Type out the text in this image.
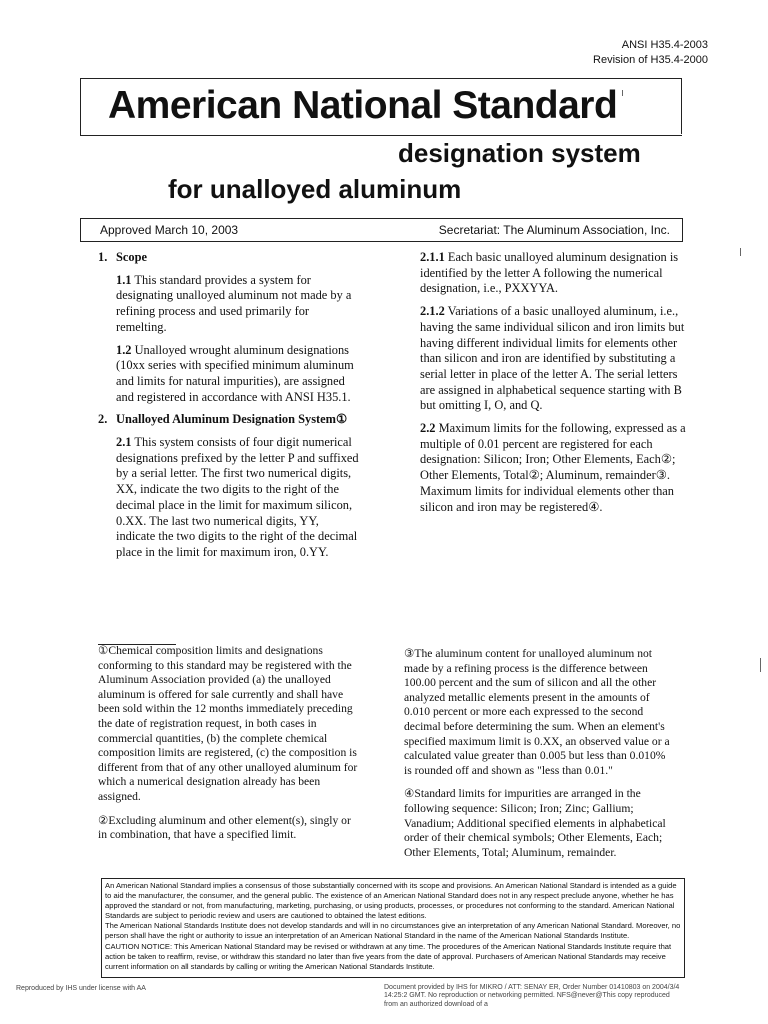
ANSI H35.4-2003
Revision of H35.4-2000
American National Standard
designation system
for unalloyed aluminum
Approved March 10, 2003	Secretariat: The Aluminum Association, Inc.
1. Scope

1.1 This standard provides a system for designating unalloyed aluminum not made by a refining process and used primarily for remelting.

1.2 Unalloyed wrought aluminum designations (10xx series with specified minimum aluminum and limits for natural impurities), are assigned and registered in accordance with ANSI H35.1.

2. Unalloyed Aluminum Designation System①

2.1 This system consists of four digit numerical designations prefixed by the letter P and suffixed by a serial letter. The first two numerical digits, XX, indicate the two digits to the right of the decimal place in the limit for maximum silicon, 0.XX. The last two numerical digits, YY, indicate the two digits to the right of the decimal place in the limit for maximum iron, 0.YY.

2.1.1 Each basic unalloyed aluminum designation is identified by the letter A following the numerical designation, i.e., PXXYYA.

2.1.2 Variations of a basic unalloyed aluminum, i.e., having the same individual silicon and iron limits but having different individual limits for elements other than silicon and iron are identified by substituting a serial letter in place of the letter A. The serial letters are assigned in alphabetical sequence starting with B but omitting I, O, and Q.

2.2 Maximum limits for the following, expressed as a multiple of 0.01 percent are registered for each designation: Silicon; Iron; Other Elements, Each②; Other Elements, Total②; Aluminum, remainder③. Maximum limits for individual elements other than silicon and iron may be registered④.

①Chemical composition limits and designations conforming to this standard may be registered with the Aluminum Association provided (a) the unalloyed aluminum is offered for sale currently and shall have been sold within the 12 months immediately preceding the date of registration request, in both cases in commercial quantities, (b) the complete chemical composition limits are registered, (c) the composition is different from that of any other unalloyed aluminum for which a numerical designation already has been assigned.

②Excluding aluminum and other element(s), singly or in combination, that have a specified limit.

③The aluminum content for unalloyed aluminum not made by a refining process is the difference between 100.00 percent and the sum of silicon and all the other analyzed metallic elements present in the amounts of 0.010 percent or more each expressed to the second decimal before determining the sum. When an element's specified maximum limit is 0.XX, an observed value or a calculated value greater than 0.005 but less than 0.010% is rounded off and shown as "less than 0.01."

④Standard limits for impurities are arranged in the following sequence: Silicon; Iron; Zinc; Gallium; Vanadium; Additional specified elements in alphabetical order of their chemical symbols; Other Elements, Each; Other Elements, Total; Aluminum, remainder.

An American National Standard implies a consensus of those substantially concerned with its scope and provisions. An American National Standard is intended as a guide to aid the manufacturer, the consumer, and the general public. The existence of an American National Standard does not in any respect preclude anyone, whether he has approved the standard or not, from manufacturing, marketing, purchasing, or using products, processes, or procedures not conforming to the standard. American National Standards are subject to periodic review and users are cautioned to obtained the latest editions.

The American National Standards Institute does not develop standards and will in no circumstances give an interpretation of any American National Standard. Moreover, no person shall have the right or authority to issue an interpretation of an American National Standard in the name of the American National Standards Institute.

CAUTION NOTICE: This American National Standard may be revised or withdrawn at any time. The procedures of the American National Standards Institute require that action be taken to reaffirm, revise, or withdraw this standard no later than five years from the date of approval. Purchasers of American National Standards may receive current information on all standards by calling or writing the American National Standards Institute.

Reproduced by IHS under license with AA	Document provided by IHS for MIKRO / ATT: SENAY ER, Order Number 01410803 on 2004/3/4 14:25:2 GMT. No reproduction or networking permitted. NFS@never@This copy reproduced from an authorized download of a
